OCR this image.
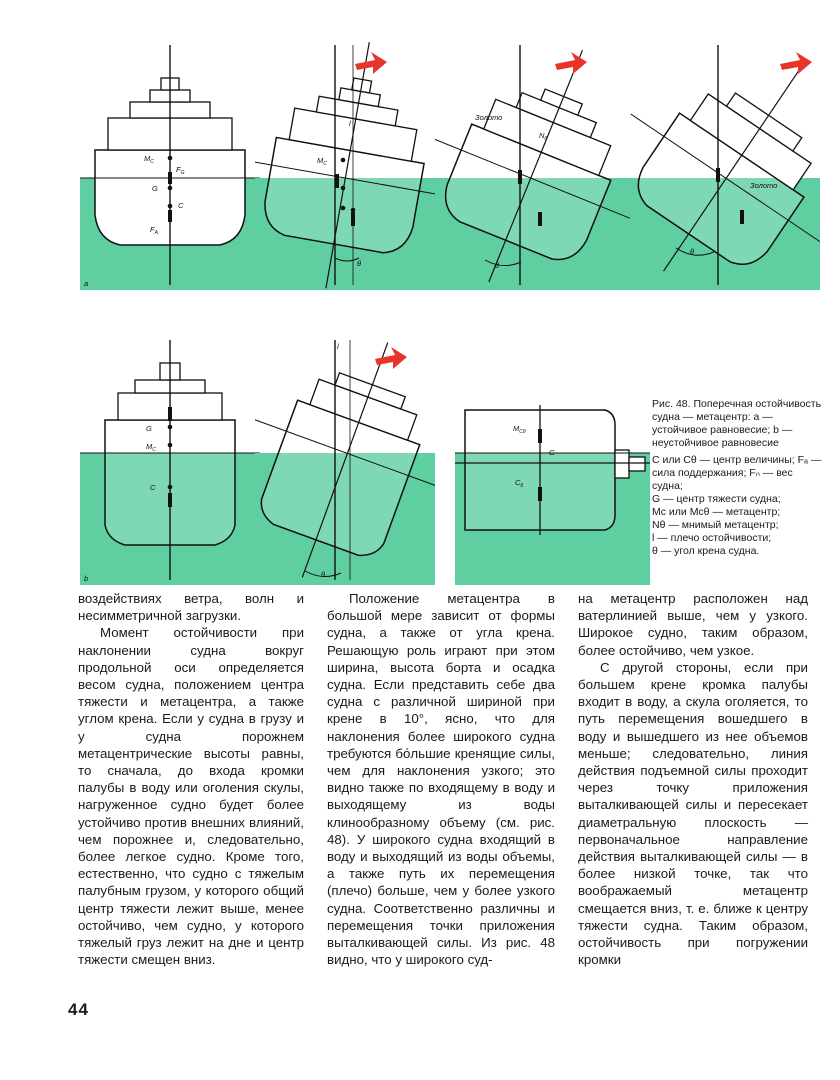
$M_C$
$F_G$
G
C
$F_A$
a
$M_C$
l
θ
Золото
$N_\theta$
θ
Золото
θ
G
$M_C$
C
b
l
θ
$M_{C\theta}$
G
$C_\theta$

Рис. 48. Поперечная остойчивость судна — метацентр: a — устойчивое равновесие; b — неустойчивое равновесие

C или Cθ — центр величины; Fₐ — сила поддержания; Fₙ — вес судна;
G — центр тяжести судна;
Mᴄ или Mᴄθ — метацентр;
Nθ — мнимый метацентр;
l — плечо остойчивости;
θ — угол крена судна.

воздействиях ветра, волн и несимметричной загрузки.

Момент остойчивости при наклонении судна вокруг продольной оси определяется весом судна, положением центра тяжести и метацентра, а также углом крена. Если у судна в грузу и у судна порожнем метацентрические высоты равны, то сначала, до входа кромки палубы в воду или оголения скулы, нагруженное судно будет более устойчиво против внешних влияний, чем порожнее и, следовательно, более легкое судно. Кроме того, естественно, что судно с тяжелым палубным грузом, у которого общий центр тяжести лежит выше, менее остойчиво, чем судно, у которого тяжелый груз лежит на дне и центр тяжести смещен вниз.

Положение метацентра в большой мере зависит от формы судна, а также от угла крена. Решающую роль играют при этом ширина, высота борта и осадка судна. Если представить себе два судна с различной шириной при крене в 10°, ясно, что для наклонения более широкого судна требуются бо́льшие кренящие силы, чем для наклонения узкого; это видно также по входящему в воду и выходящему из воды клинообразному объему (см. рис. 48). У широкого судна входящий в воду и выходящий из воды объемы, а также путь их перемещения (плечо) больше, чем у более узкого судна. Соответственно различны и перемещения точки приложения выталкивающей силы. Из рис. 48 видно, что у широкого суд-

на метацентр расположен над ватерлинией выше, чем у узкого. Широкое судно, таким образом, более остойчиво, чем узкое.

С другой стороны, если при большем крене кромка палубы входит в воду, а скула оголяется, то путь перемещения вошедшего в воду и вышедшего из нее объемов меньше; следовательно, линия действия подъемной силы проходит через точку приложения выталкивающей силы и пересекает диаметральную плоскость — первоначальное направление действия выталкивающей силы — в более низкой точке, так что воображаемый метацентр смещается вниз, т. е. ближе к центру тяжести судна. Таким образом, остойчивость при погружении кромки

44
